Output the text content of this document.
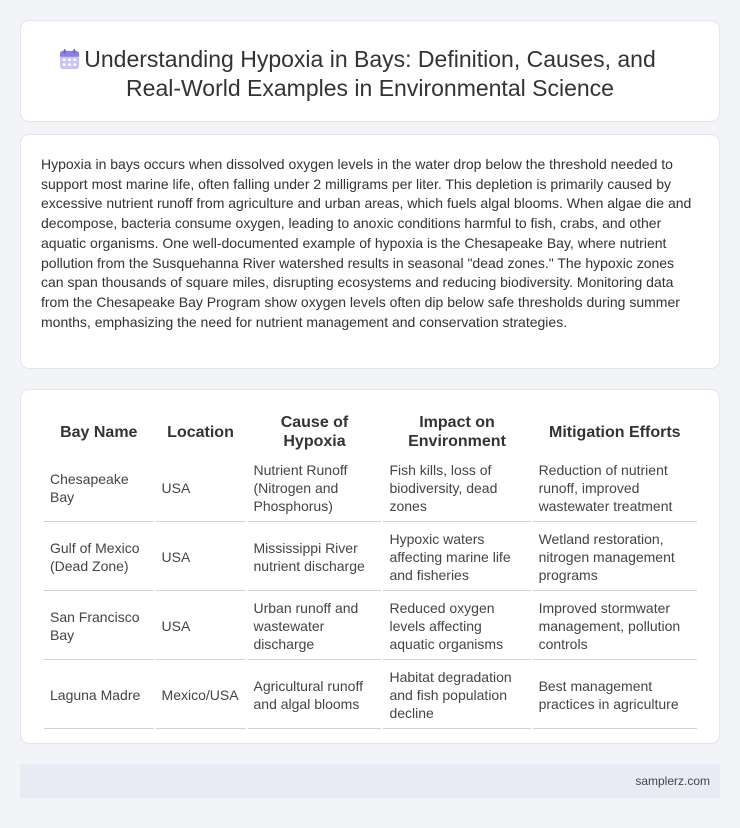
Understanding Hypoxia in Bays: Definition, Causes, and
Real-World Examples in Environmental Science

Hypoxia in bays occurs when dissolved oxygen levels in the water drop below the threshold needed to support most marine life, often falling under 2 milligrams per liter. This depletion is primarily caused by excessive nutrient runoff from agriculture and urban areas, which fuels algal blooms. When algae die and decompose, bacteria consume oxygen, leading to anoxic conditions harmful to fish, crabs, and other aquatic organisms. One well-documented example of hypoxia is the Chesapeake Bay, where nutrient pollution from the Susquehanna River watershed results in seasonal "dead zones." The hypoxic zones can span thousands of square miles, disrupting ecosystems and reducing biodiversity. Monitoring data from the Chesapeake Bay Program show oxygen levels often dip below safe thresholds during summer months, emphasizing the need for nutrient management and conservation strategies.

Bay Name	Location	Cause of Hypoxia	Impact on Environment	Mitigation Efforts
Chesapeake Bay	USA	Nutrient Runoff (Nitrogen and Phosphorus)	Fish kills, loss of biodiversity, dead zones	Reduction of nutrient runoff, improved wastewater treatment
Gulf of Mexico (Dead Zone)	USA	Mississippi River nutrient discharge	Hypoxic waters affecting marine life and fisheries	Wetland restoration, nitrogen management programs
San Francisco Bay	USA	Urban runoff and wastewater discharge	Reduced oxygen levels affecting aquatic organisms	Improved stormwater management, pollution controls
Laguna Madre	Mexico/USA	Agricultural runoff and algal blooms	Habitat degradation and fish population decline	Best management practices in agriculture
samplerz.com
